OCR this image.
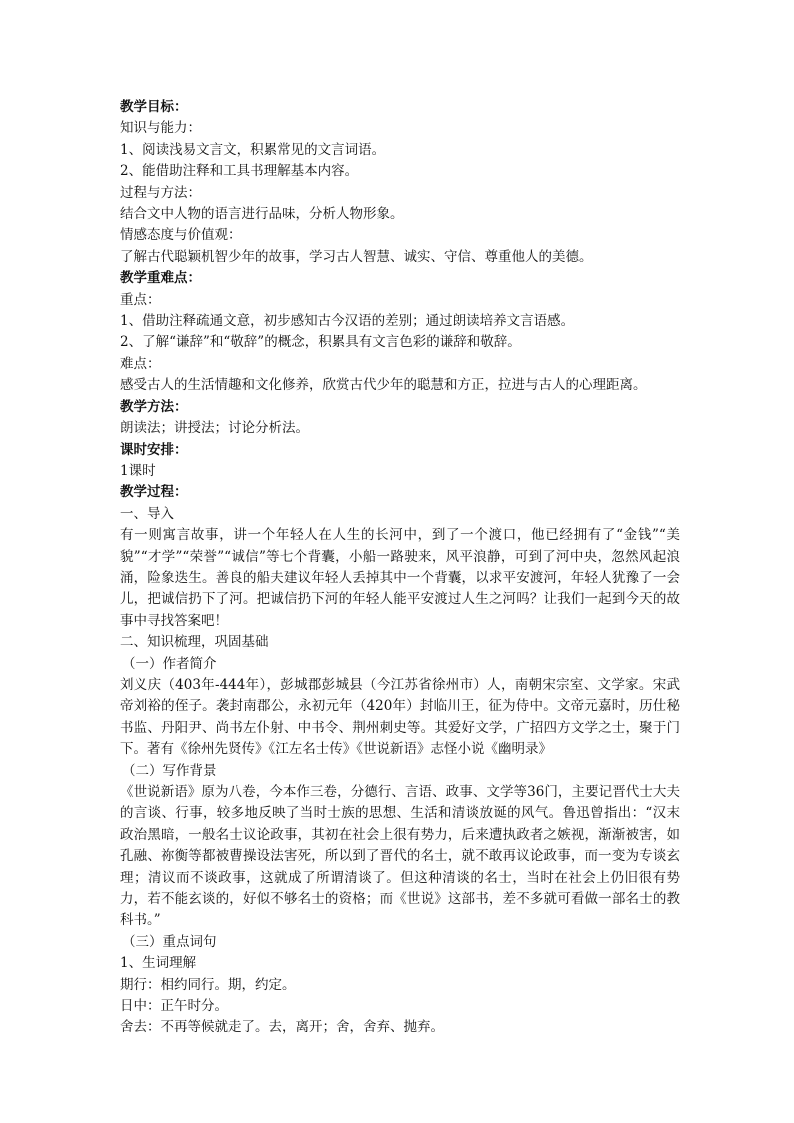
教学目标：

知识与能力：

1、阅读浅易文言文，积累常见的文言词语。

2、能借助注释和工具书理解基本内容。

过程与方法：

结合文中人物的语言进行品味，分析人物形象。

情感态度与价值观：

了解古代聪颖机智少年的故事，学习古人智慧、诚实、守信、尊重他人的美德。

教学重难点：

重点：

1、借助注释疏通文意，初步感知古今汉语的差别；通过朗读培养文言语感。

2、了解“谦辞”和“敬辞”的概念，积累具有文言色彩的谦辞和敬辞。

难点：

感受古人的生活情趣和文化修养，欣赏古代少年的聪慧和方正，拉进与古人的心理距离。

教学方法：

朗读法；讲授法；讨论分析法。

课时安排：

1课时

教学过程：

一、导入

有一则寓言故事，讲一个年轻人在人生的长河中，到了一个渡口，他已经拥有了“金钱”“美貌”“才学”“荣誉”“诚信”等七个背囊，小船一路驶来，风平浪静，可到了河中央，忽然风起浪涌，险象迭生。善良的船夫建议年轻人丢掉其中一个背囊，以求平安渡河，年轻人犹豫了一会儿，把诚信扔下了河。把诚信扔下河的年轻人能平安渡过人生之河吗？让我们一起到今天的故事中寻找答案吧！

二、知识梳理，巩固基础

（一）作者简介

刘义庆（403年-444年），彭城郡彭城县（今江苏省徐州市）人，南朝宋宗室、文学家。宋武帝刘裕的侄子。袭封南郡公，永初元年（420年）封临川王，征为侍中。文帝元嘉时，历仕秘书监、丹阳尹、尚书左仆射、中书令、荆州刺史等。其爱好文学，广招四方文学之士，聚于门下。著有《徐州先贤传》《江左名士传》《世说新语》志怪小说《幽明录》

（二）写作背景

《世说新语》原为八卷，今本作三卷，分德行、言语、政事、文学等36门，主要记晋代士大夫的言谈、行事，较多地反映了当时士族的思想、生活和清谈放诞的风气。鲁迅曾指出：“汉末政治黑暗，一般名士议论政事，其初在社会上很有势力，后来遭执政者之嫉视，渐渐被害，如孔融、祢衡等都被曹操设法害死，所以到了晋代的名士，就不敢再议论政事，而一变为专谈玄理；清议而不谈政事，这就成了所谓清谈了。但这种清谈的名士，当时在社会上仍旧很有势力，若不能玄谈的，好似不够名士的资格；而《世说》这部书，差不多就可看做一部名士的教科书。”

（三）重点词句

1、生词理解

期行：相约同行。期，约定。

日中：正午时分。

舍去：不再等候就走了。去，离开；舍，舍弃、抛弃。
